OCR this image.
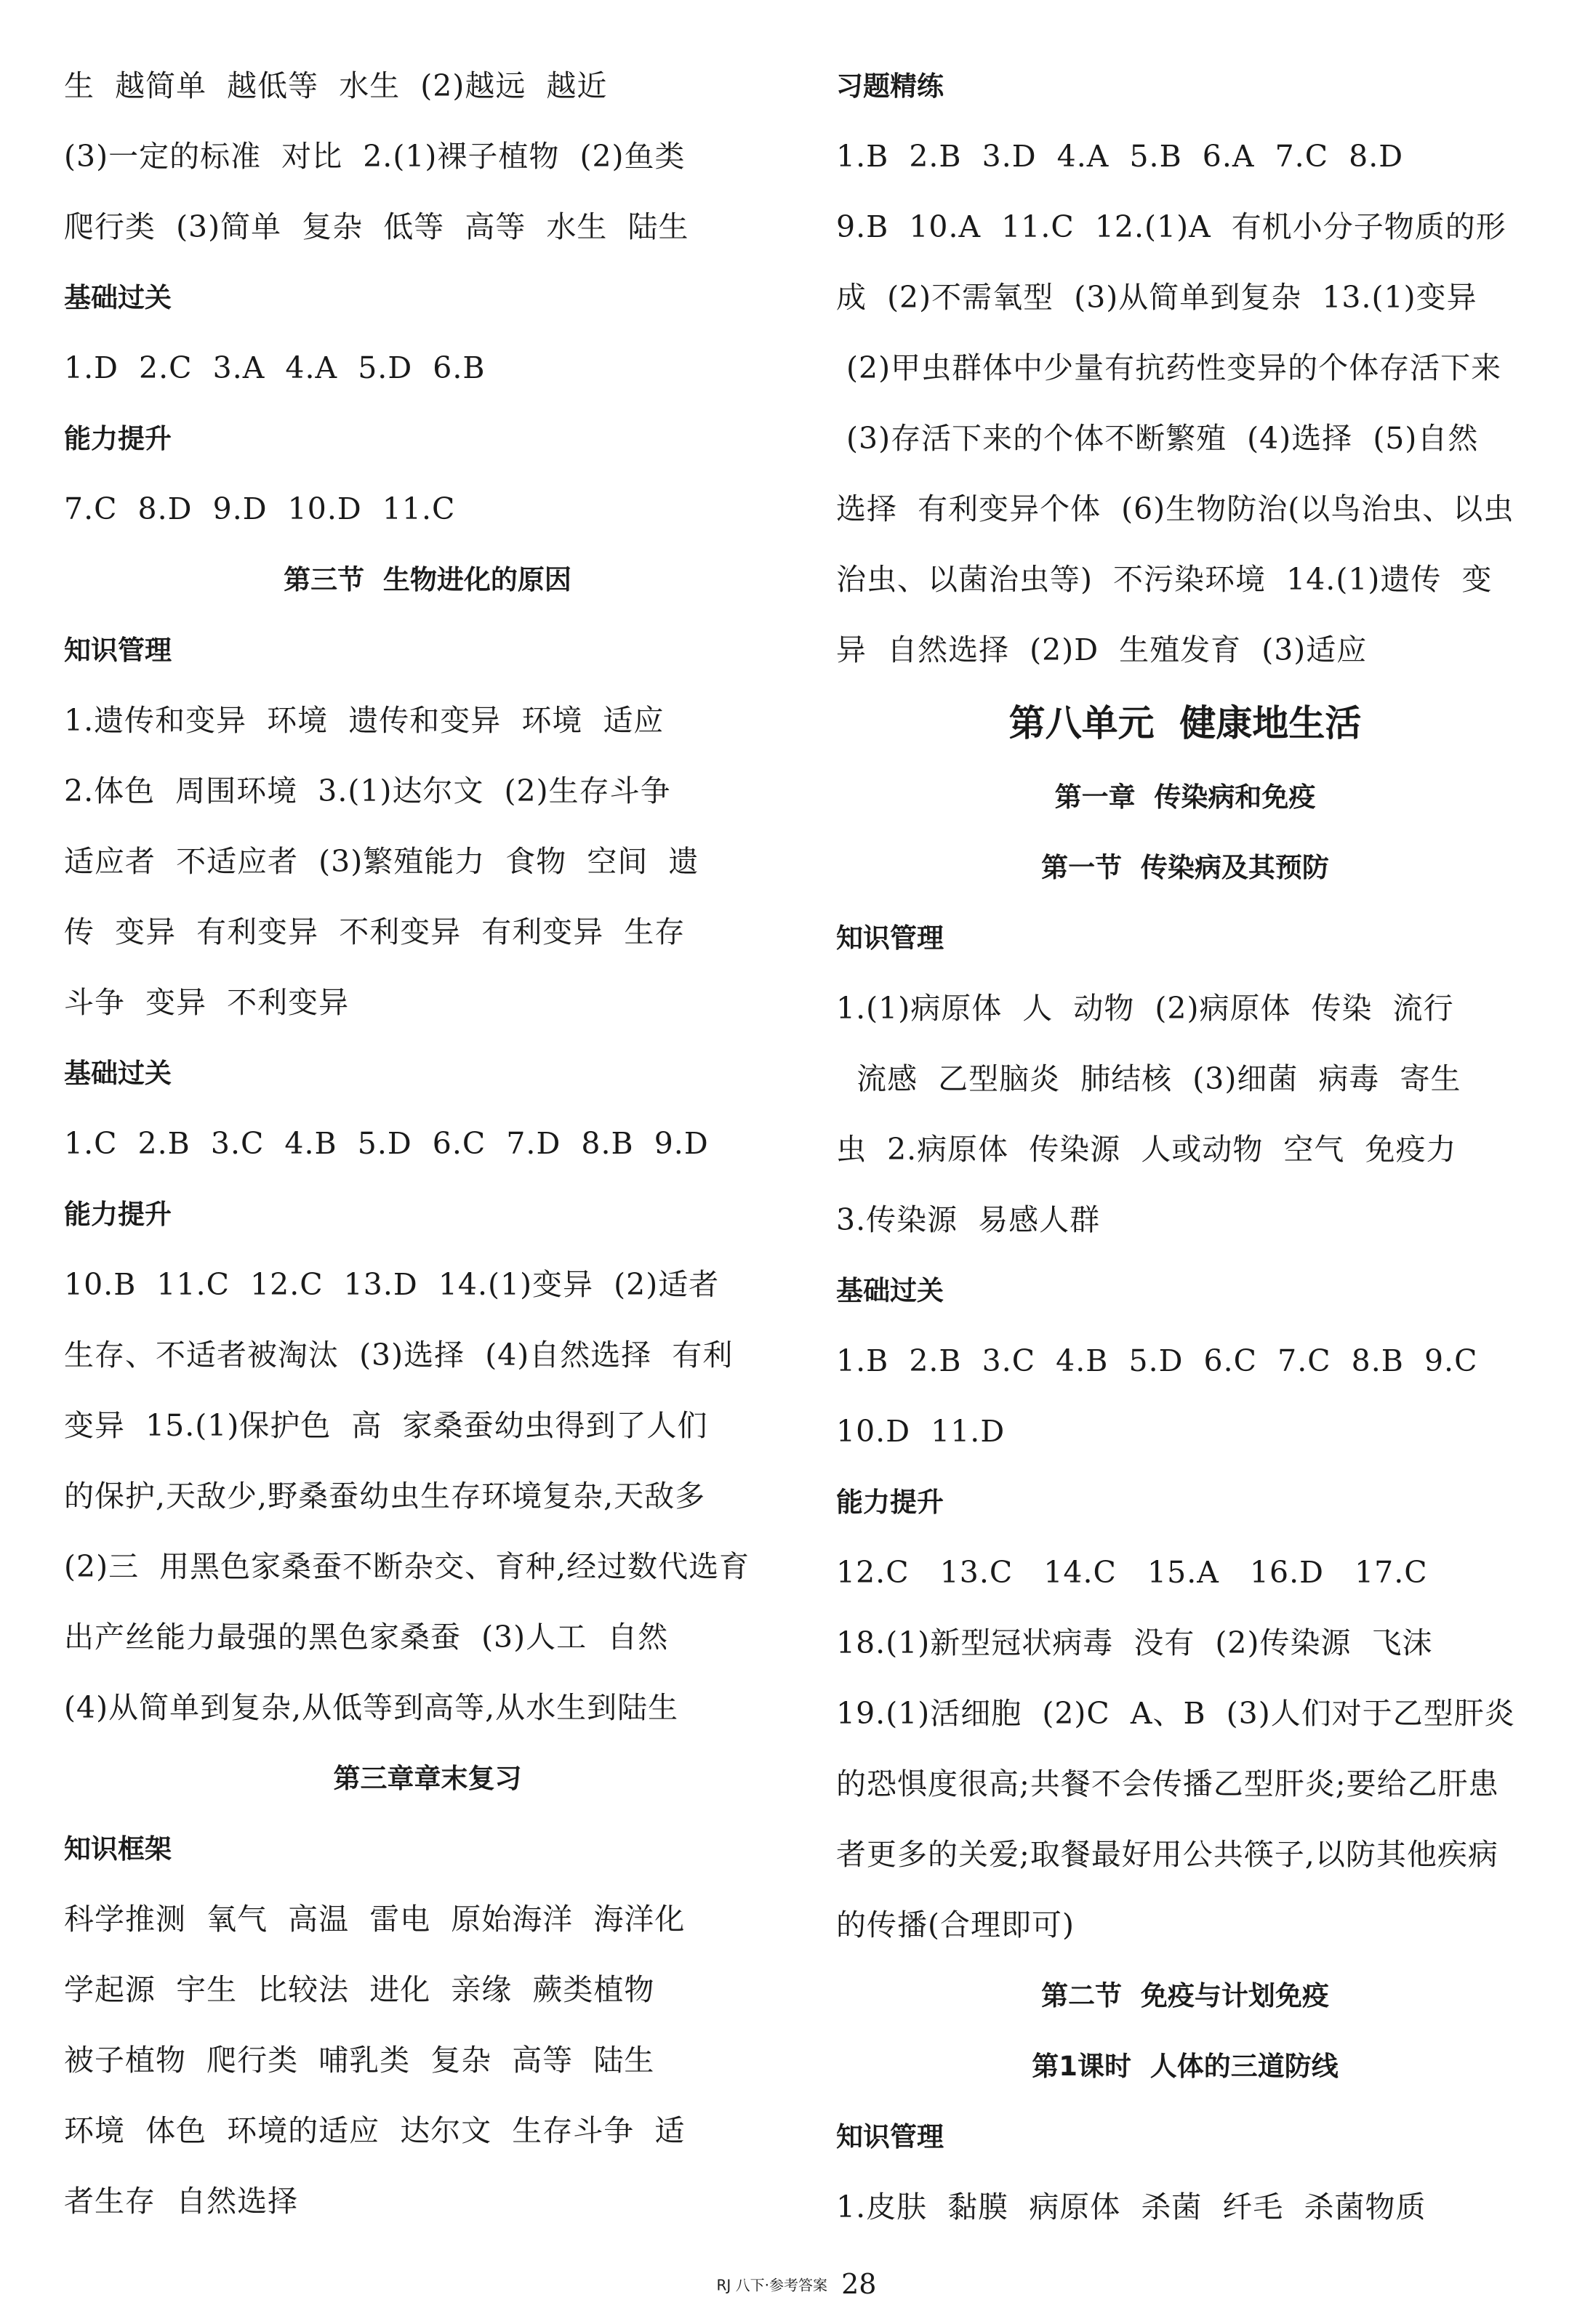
生  越简单  越低等  水生  (2)越远  越近
(3)一定的标准  对比  2.(1)裸子植物  (2)鱼类
爬行类  (3)简单  复杂  低等  高等  水生  陆生
基础过关
1.D  2.C  3.A  4.A  5.D  6.B
能力提升
7.C  8.D  9.D  10.D  11.C
第三节  生物进化的原因
知识管理
1.遗传和变异  环境  遗传和变异  环境  适应
2.体色  周围环境  3.(1)达尔文  (2)生存斗争
适应者  不适应者  (3)繁殖能力  食物  空间  遗
传  变异  有利变异  不利变异  有利变异  生存
斗争  变异  不利变异
基础过关
1.C  2.B  3.C  4.B  5.D  6.C  7.D  8.B  9.D
能力提升
10.B  11.C  12.C  13.D  14.(1)变异  (2)适者
生存、不适者被淘汰  (3)选择  (4)自然选择  有利
变异  15.(1)保护色  高  家桑蚕幼虫得到了人们
的保护,天敌少,野桑蚕幼虫生存环境复杂,天敌多
(2)三  用黑色家桑蚕不断杂交、育种,经过数代选育
出产丝能力最强的黑色家桑蚕  (3)人工  自然
(4)从简单到复杂,从低等到高等,从水生到陆生
第三章章末复习
知识框架
科学推测  氧气  高温  雷电  原始海洋  海洋化
学起源  宇生  比较法  进化  亲缘  蕨类植物
被子植物  爬行类  哺乳类  复杂  高等  陆生
环境  体色  环境的适应  达尔文  生存斗争  适
者生存  自然选择
习题精练
1.B  2.B  3.D  4.A  5.B  6.A  7.C  8.D
9.B  10.A  11.C  12.(1)A  有机小分子物质的形
成  (2)不需氧型  (3)从简单到复杂  13.(1)变异
(2)甲虫群体中少量有抗药性变异的个体存活下来
(3)存活下来的个体不断繁殖  (4)选择  (5)自然
选择  有利变异个体  (6)生物防治(以鸟治虫、以虫
治虫、以菌治虫等)  不污染环境  14.(1)遗传  变
异  自然选择  (2)D  生殖发育  (3)适应
第八单元  健康地生活
第一章  传染病和免疫
第一节  传染病及其预防
知识管理
1.(1)病原体  人  动物  (2)病原体  传染  流行
流感  乙型脑炎  肺结核  (3)细菌  病毒  寄生
虫  2.病原体  传染源  人或动物  空气  免疫力
3.传染源  易感人群
基础过关
1.B  2.B  3.C  4.B  5.D  6.C  7.C  8.B  9.C
10.D  11.D
能力提升
12.C   13.C   14.C   15.A   16.D   17.C
18.(1)新型冠状病毒  没有  (2)传染源  飞沫
19.(1)活细胞  (2)C  A、B  (3)人们对于乙型肝炎
的恐惧度很高;共餐不会传播乙型肝炎;要给乙肝患
者更多的关爱;取餐最好用公共筷子,以防其他疾病
的传播(合理即可)
第二节  免疫与计划免疫
第1课时  人体的三道防线
知识管理
1.皮肤  黏膜  病原体  杀菌  纤毛  杀菌物质
RJ 八下·参考答案 28
